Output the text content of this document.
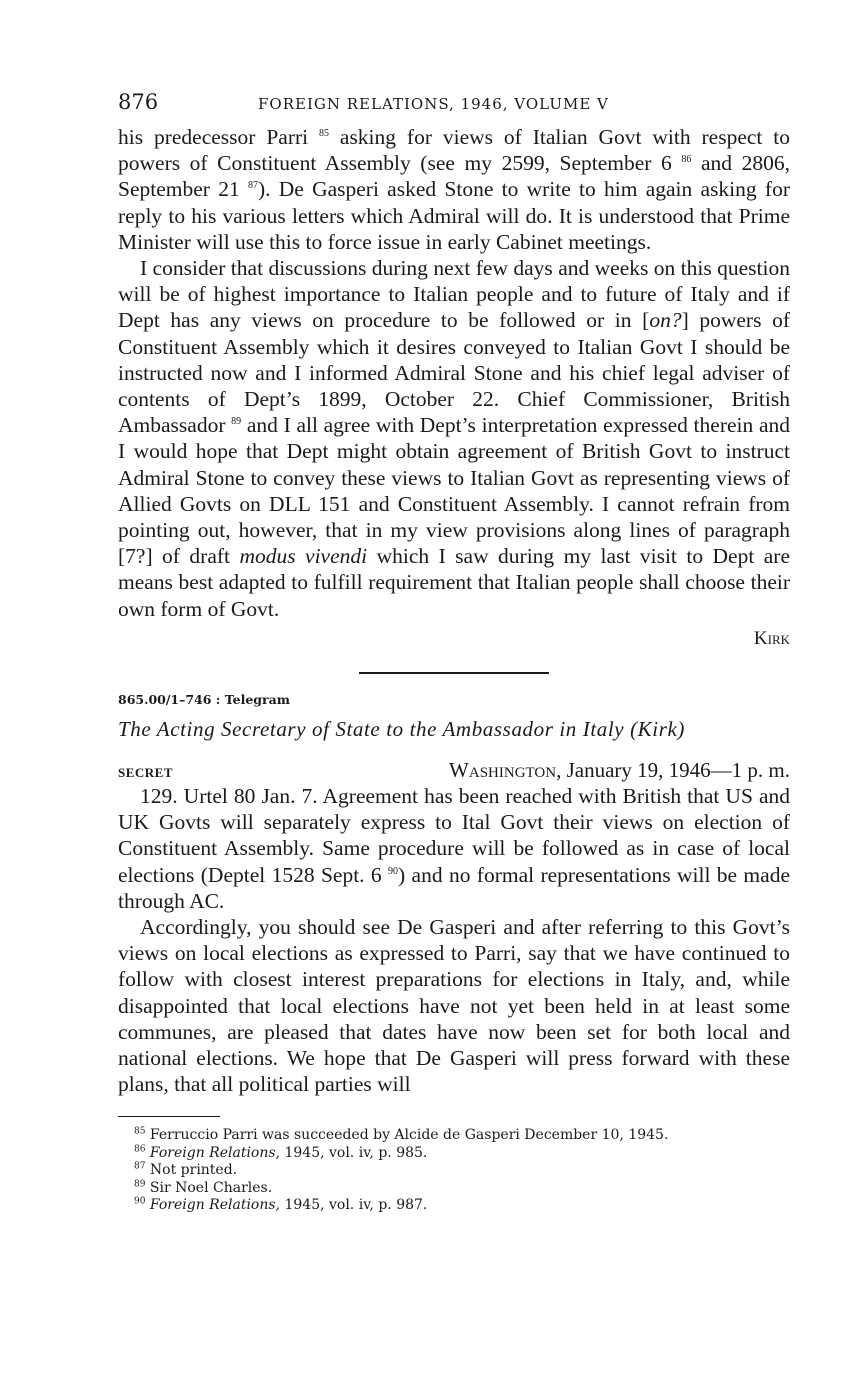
876	FOREIGN RELATIONS, 1946, VOLUME V

his predecessor Parri $^{85}$ asking for views of Italian Govt with respect to powers of Constituent Assembly (see my 2599, September 6 $^{86}$ and 2806, September 21 $^{87}$). De Gasperi asked Stone to write to him again asking for reply to his various letters which Admiral will do. It is understood that Prime Minister will use this to force issue in early Cabinet meetings.

I consider that discussions during next few days and weeks on this question will be of highest importance to Italian people and to future of Italy and if Dept has any views on procedure to be followed or in [on?] powers of Constituent Assembly which it desires conveyed to Italian Govt I should be instructed now and I informed Admiral Stone and his chief legal adviser of contents of Dept’s 1899, October 22. Chief Commissioner, British Ambassador $^{89}$ and I all agree with Dept’s interpretation expressed therein and I would hope that Dept might obtain agreement of British Govt to instruct Admiral Stone to convey these views to Italian Govt as representing views of Allied Govts on DLL 151 and Constituent Assembly. I cannot refrain from pointing out, however, that in my view provisions along lines of paragraph [7?] of draft modus vivendi which I saw during my last visit to Dept are means best adapted to fulfill requirement that Italian people shall choose their own form of Govt.

Kirk
865.00/1–746 : Telegram
The Acting Secretary of State to the Ambassador in Italy (Kirk)
SECRET	Washington, January 19, 1946—1 p. m.

129. Urtel 80 Jan. 7. Agreement has been reached with British that US and UK Govts will separately express to Ital Govt their views on election of Constituent Assembly. Same procedure will be followed as in case of local elections (Deptel 1528 Sept. 6 $^{90}$) and no formal representations will be made through AC.

Accordingly, you should see De Gasperi and after referring to this Govt’s views on local elections as expressed to Parri, say that we have continued to follow with closest interest preparations for elections in Italy, and, while disappointed that local elections have not yet been held in at least some communes, are pleased that dates have now been set for both local and national elections. We hope that De Gasperi will press forward with these plans, that all political parties will

$^{85}$ Ferruccio Parri was succeeded by Alcide de Gasperi December 10, 1945.
$^{86}$ Foreign Relations, 1945, vol. iv, p. 985.
$^{87}$ Not printed.
$^{89}$ Sir Noel Charles.
$^{90}$ Foreign Relations, 1945, vol. iv, p. 987.
